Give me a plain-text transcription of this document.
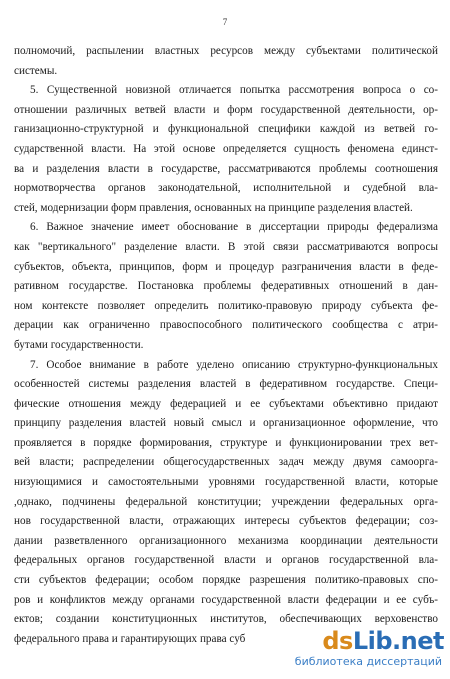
7
полномочий, распылении властных ресурсов между субъектами политической
системы.
5. Существенной новизной отличается попытка рассмотрения вопроса о со-
отношении различных ветвей власти и форм государственной деятельности, ор-
ганизационно-структурной и функциональной специфики каждой из ветвей го-
сударственной власти. На этой основе определяется сущность феномена единст-
ва и разделения власти в государстве, рассматриваются проблемы соотношения
нормотворчества органов законодательной, исполнительной и судебной вла-
стей, модернизации форм правления, основанных на принципе разделения властей.
6. Важное значение имеет обоснование в диссертации природы федерализма
как "вертикального" разделение власти. В этой связи рассматриваются вопросы
субъектов, объекта, принципов, форм и процедур разграничения власти в феде-
ративном государстве. Постановка проблемы федеративных отношений в дан-
ном контексте позволяет определить политико-правовую природу субъекта фе-
дерации как ограниченно правоспособного политического сообщества с атри-
бутами государственности.
7. Особое внимание в работе уделено описанию структурно-функциональных
особенностей системы разделения властей в федеративном государстве. Специ-
фические отношения между федерацией и ее субъектами объективно придают
принципу разделения властей новый смысл и организационное оформление, что
проявляется в порядке формирования, структуре и функционировании трех вет-
вей власти; распределении общегосударственных задач между двумя самоорга-
низующимися и самостоятельными уровнями государственной власти, которые
,однако, подчинены федеральной конституции; учреждении федеральных орга-
нов государственной власти, отражающих интересы субъектов федерации; соз-
дании разветвленного организационного механизма координации деятельности
федеральных органов государственной власти и органов государственной вла-
сти субъектов федерации; особом порядке разрешения политико-правовых спо-
ров и конфликтов между органами государственной власти федерации и ее субъ-
ектов; создании конституционных институтов, обеспечивающих верховенство
федерального права и гарантирующих права суб	dsLib.net
библиотека диссертаций
